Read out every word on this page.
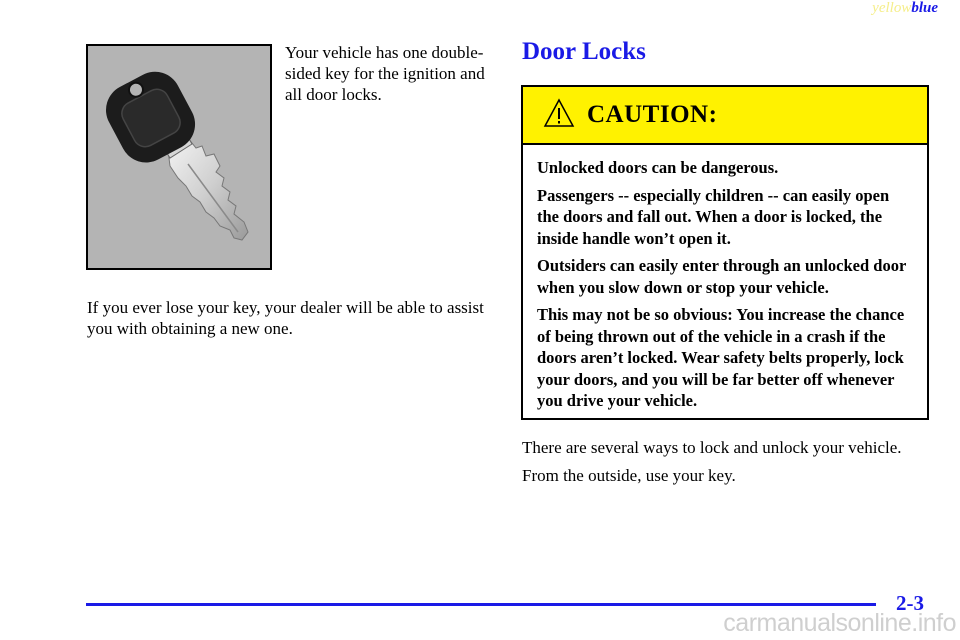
yellowblue

Your vehicle has one double-sided key for the ignition and all door locks.

If you ever lose your key, your dealer will be able to assist you with obtaining a new one.

Door Locks
CAUTION:

Unlocked doors can be dangerous.

Passengers -- especially children -- can easily open the doors and fall out. When a door is locked, the inside handle won’t open it.

Outsiders can easily enter through an unlocked door when you slow down or stop your vehicle.

This may not be so obvious: You increase the chance of being thrown out of the vehicle in a crash if the doors aren’t locked. Wear safety belts properly, lock your doors, and you will be far better off whenever you drive your vehicle.

There are several ways to lock and unlock your vehicle.

From the outside, use your key.

2-3
carmanualsonline.info
